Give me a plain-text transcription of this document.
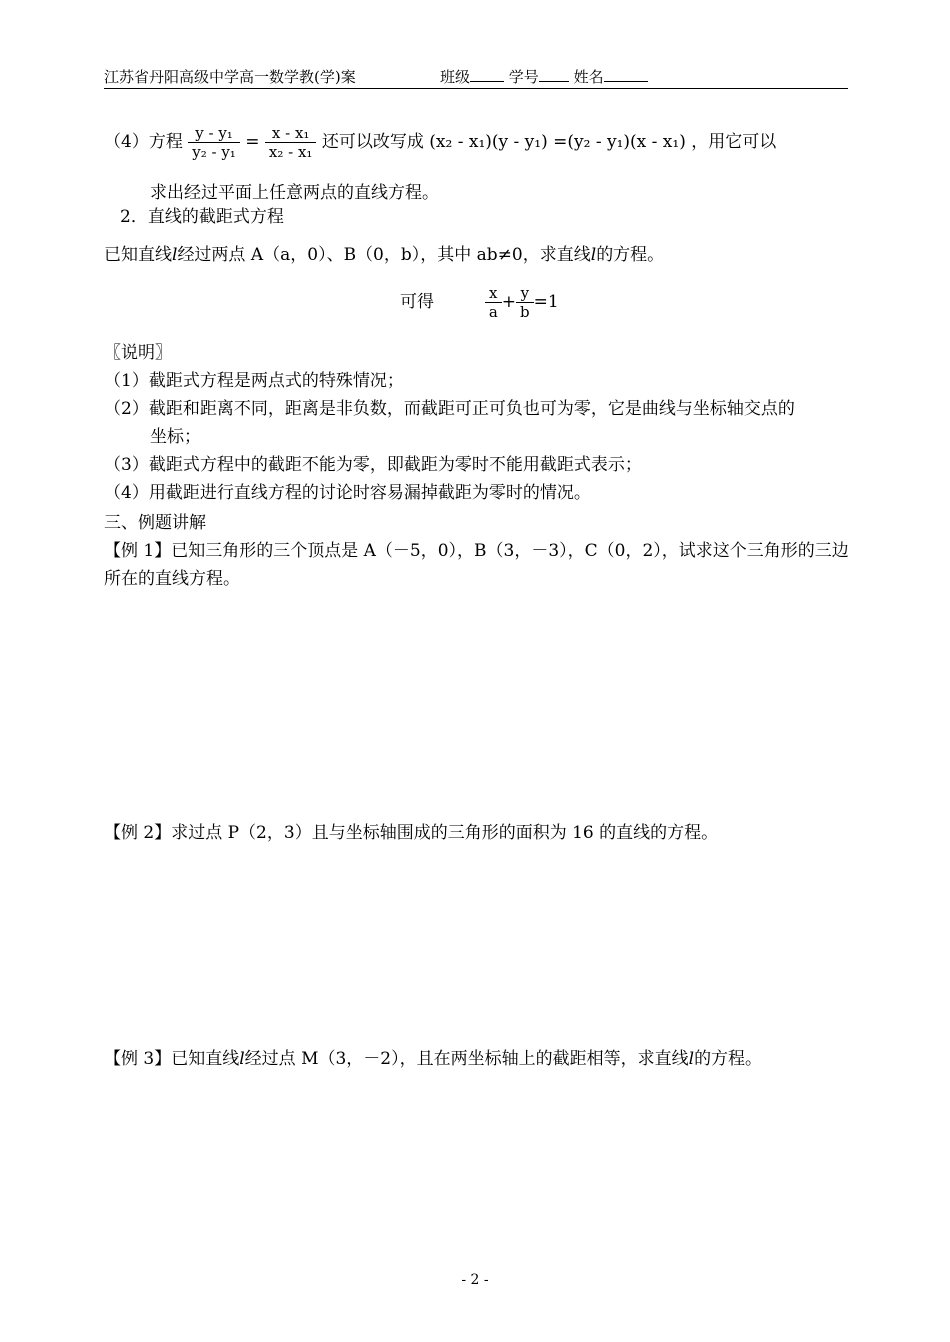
江苏省丹阳高级中学高一数学教(学)案	班级	学号 姓名
（4）方程 $\frac{\text{y - y₁}}{\text{y₂ - y₁}} = \frac{\text{x - x₁}}{\text{x₂ - x₁}}$ 还可以改写成 (x₂ - x₁)(y - y₁) =(y₂ - y₁)(x - x₁) ，用它可以
求出经过平面上任意两点的直线方程。
2．直线的截距式方程
已知直线l经过两点 A（a，0）、B（0，b），其中 ab≠0，求直线l的方程。
可得	$\frac{x}{a} + \frac{y}{b} =1$
〖说明〗
（1）截距式方程是两点式的特殊情况；
（2）截距和距离不同，距离是非负数，而截距可正可负也可为零，它是曲线与坐标轴交点的
坐标；
（3）截距式方程中的截距不能为零，即截距为零时不能用截距式表示；
（4）用截距进行直线方程的讨论时容易漏掉截距为零时的情况。
三、例题讲解
【例 1】已知三角形的三个顶点是 A（－5，0），B（3，－3），C（0，2），试求这个三角形的三边
所在的直线方程。
【例 2】求过点 P（2，3）且与坐标轴围成的三角形的面积为 16 的直线的方程。
【例 3】已知直线l经过点 M（3，－2），且在两坐标轴上的截距相等，求直线l的方程。
- 2 -
